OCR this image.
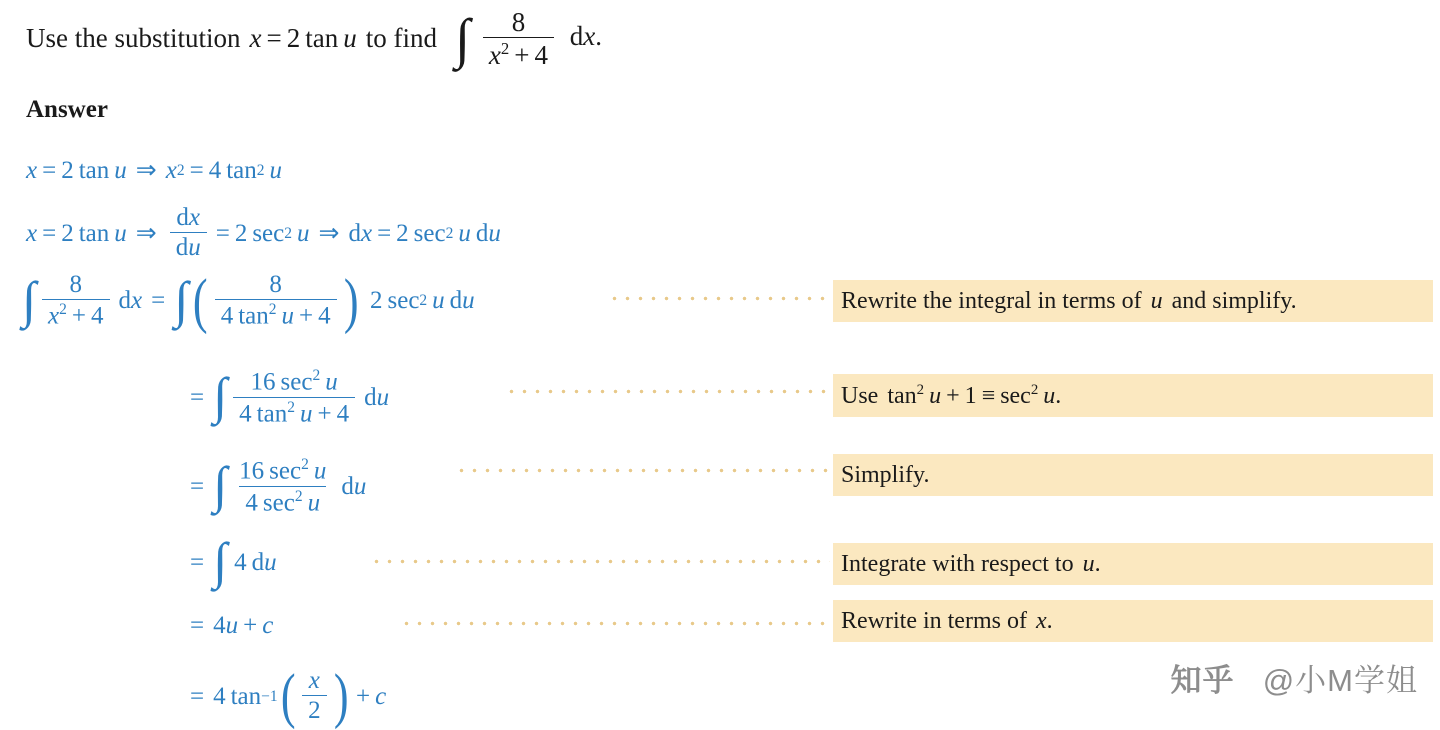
Use the substitution x = 2 tan u to find ∫ $\frac{8}{x^2 + 4}$ dx.
Answer
x = 2 tan u ⇒ x 2 = 4 tan 2 u
x = 2 tan u ⇒ $\frac{dx}{du} = 2$ sec 2 u ⇒ d x = 2 sec 2 u d u
∫ $\frac{8}{x^2 + 4}$ d x = ∫ ( $\frac{8}{4 \tan^2 u + 4}$ ) 2 sec 2 u d u
= ∫ $\frac{16 \sec^2 u}{4 \tan^2 u + 4}$ d u
= ∫ $\frac{16 \sec^2 u}{4 \sec^2 u}$ d u
= ∫ 4 d u
= 4 u + c
= 4 tan −1 ( $\frac{x}{2}$ ) + c
Rewrite the integral in terms of u and simplify.
Use $\tan^2 u + 1 \equiv \sec^2 u$ .
Simplify.
Integrate with respect to u .
Rewrite in terms of x .
知乎 @小M学姐
